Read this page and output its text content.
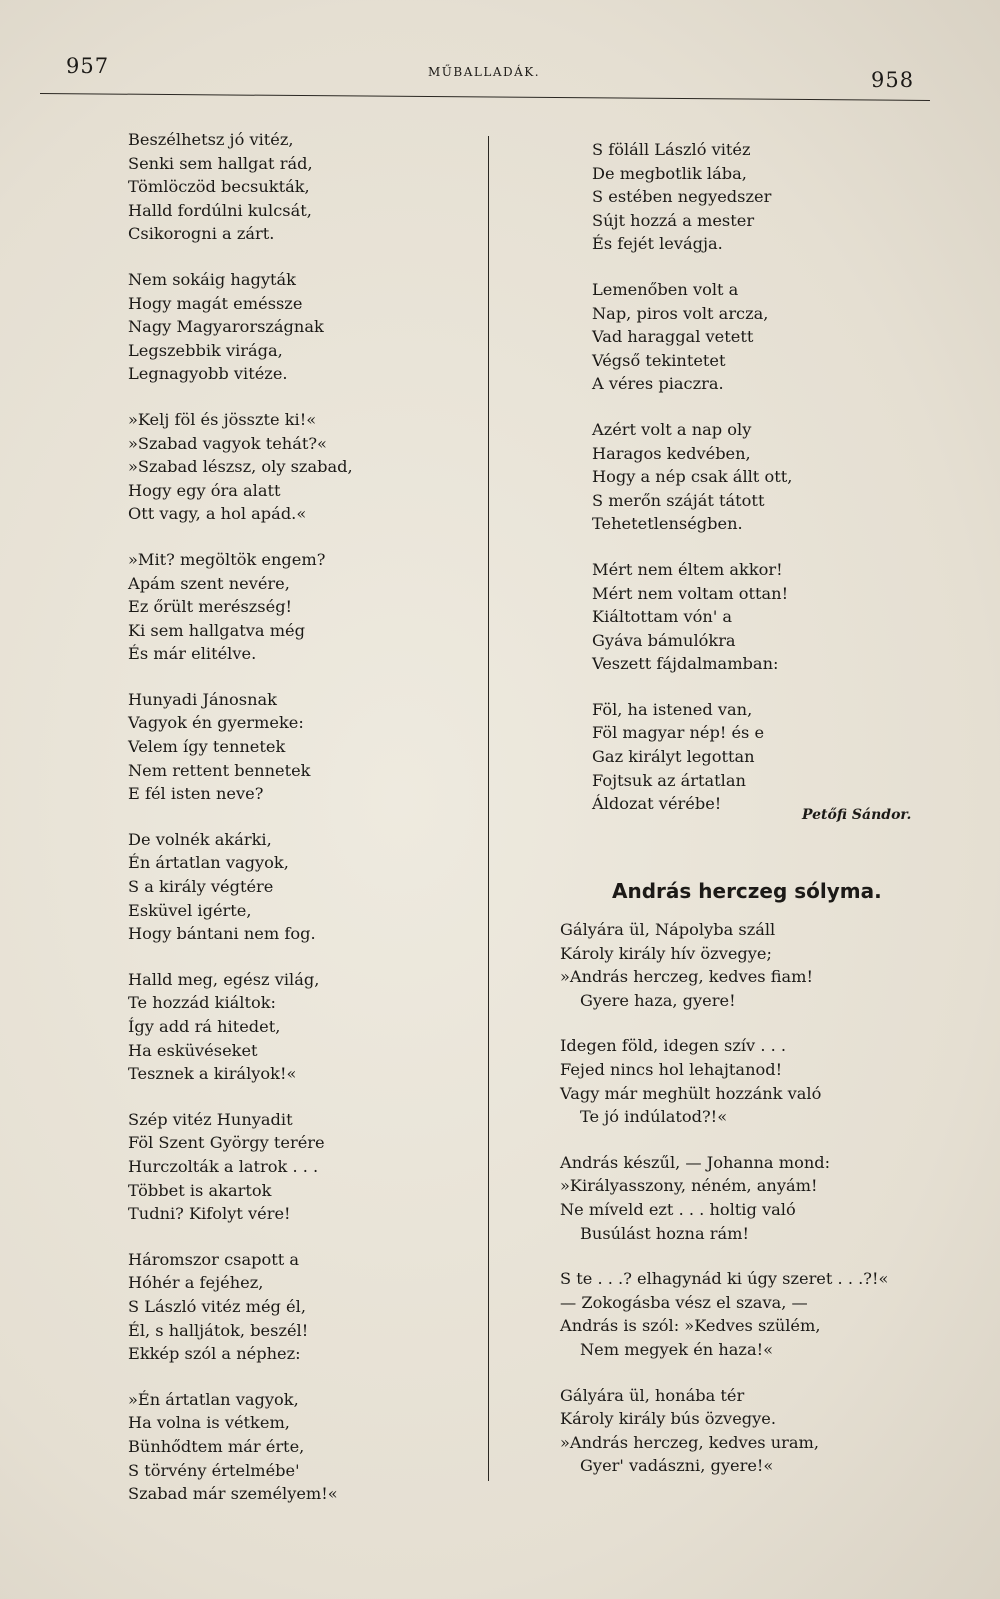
957	MŰBALLADÁK.	958
Beszélhetsz jó vitéz,
Senki sem hallgat rád,
Tömlöczöd becsukták,
Halld fordúlni kulcsát,
Csikorogni a zárt.
Nem sokáig hagyták
Hogy magát eméssze
Nagy Magyarországnak
Legszebbik virága,
Legnagyobb vitéze.
»Kelj föl és jösszte ki!«
»Szabad vagyok tehát?«
»Szabad lészsz, oly szabad,
Hogy egy óra alatt
Ott vagy, a hol apád.«
»Mit? megöltök engem?
Apám szent nevére,
Ez őrült merészség!
Ki sem hallgatva még
És már elitélve.
Hunyadi Jánosnak
Vagyok én gyermeke:
Velem így tennetek
Nem rettent bennetek
E fél isten neve?
De volnék akárki,
Én ártatlan vagyok,
S a király végtére
Esküvel igérte,
Hogy bántani nem fog.
Halld meg, egész világ,
Te hozzád kiáltok:
Így add rá hitedet,
Ha esküvéseket
Tesznek a királyok!«
Szép vitéz Hunyadit
Föl Szent György terére
Hurczolták a latrok . . .
Többet is akartok
Tudni? Kifolyt vére!
Háromszor csapott a
Hóhér a fejéhez,
S László vitéz még él,
Él, s halljátok, beszél!
Ekkép szól a néphez:
»Én ártatlan vagyok,
Ha volna is vétkem,
Bünhődtem már érte,
S törvény értelmébe'
Szabad már személyem!«
S föláll László vitéz
De megbotlik lába,
S estében negyedszer
Sújt hozzá a mester
És fejét levágja.
Lemenőben volt a
Nap, piros volt arcza,
Vad haraggal vetett
Végső tekintetet
A véres piaczra.
Azért volt a nap oly
Haragos kedvében,
Hogy a nép csak állt ott,
S merőn száját tátott
Tehetetlenségben.
Mért nem éltem akkor!
Mért nem voltam ottan!
Kiáltottam vón' a
Gyáva bámulókra
Veszett fájdalmamban:
Föl, ha istened van,
Föl magyar nép! és e
Gaz királyt legottan
Fojtsuk az ártatlan
Áldozat vérébe!
Petőfi Sándor.
András herczeg sólyma.
Gályára ül, Nápolyba száll
Károly király hív özvegye;
»András herczeg, kedves fiam!
Gyere haza, gyere!
Idegen föld, idegen szív . . .
Fejed nincs hol lehajtanod!
Vagy már meghült hozzánk való
Te jó indúlatod?!«
András készűl, — Johanna mond:
»Királyasszony, néném, anyám!
Ne míveld ezt . . . holtig való
Busúlást hozna rám!
S te . . .? elhagynád ki úgy szeret . . .?!«
— Zokogásba vész el szava, —
András is szól: »Kedves szülém,
Nem megyek én haza!«
Gályára ül, honába tér
Károly király bús özvegye.
»András herczeg, kedves uram,
Gyer' vadászni, gyere!«
